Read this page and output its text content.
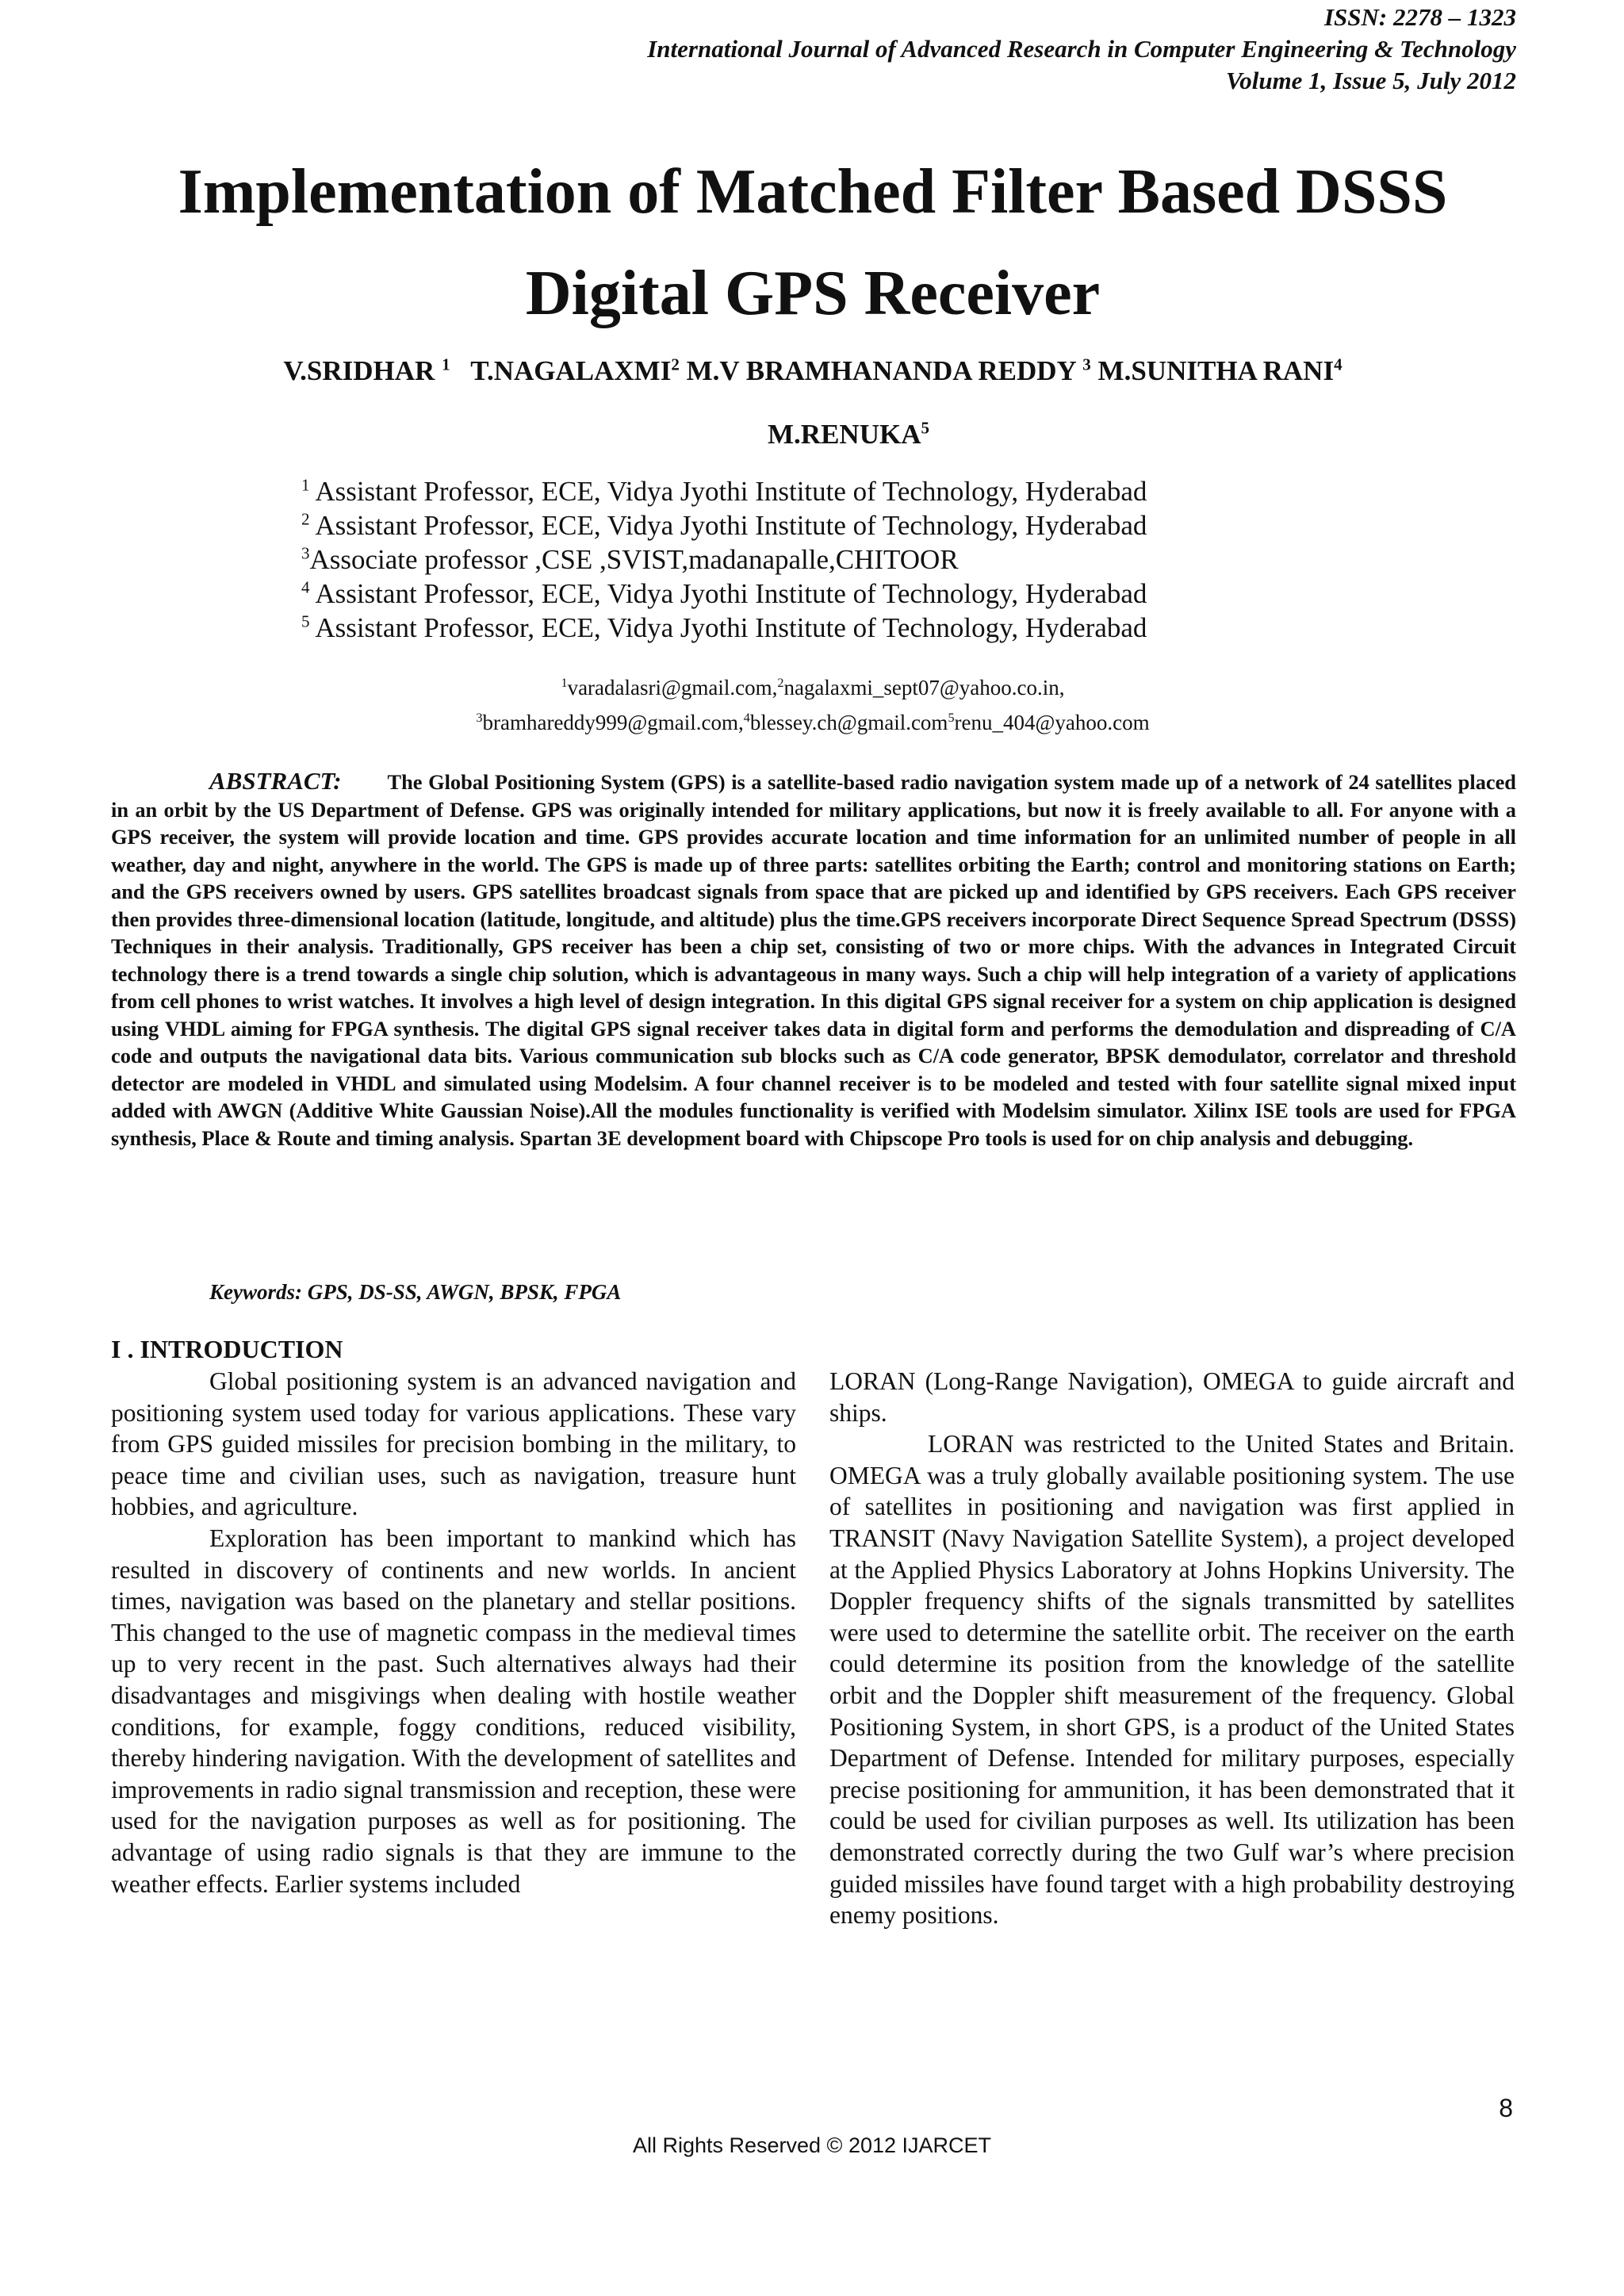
ISSN: 2278 – 1323
International Journal of Advanced Research in Computer Engineering & Technology
Volume 1, Issue 5, July 2012
Implementation of Matched Filter Based DSSS
Digital GPS Receiver
V.SRIDHAR $^1$ T.NAGALAXMI$^2$ M.V BRAMHANANDA REDDY $^3$ M.SUNITHA RANI$^4$
M.RENUKA$^5$
$^1$ Assistant Professor, ECE, Vidya Jyothi Institute of Technology, Hyderabad
$^2$ Assistant Professor, ECE, Vidya Jyothi Institute of Technology, Hyderabad
$^3$Associate professor ,CSE ,SVIST,madanapalle,CHITOOR
$^4$ Assistant Professor, ECE, Vidya Jyothi Institute of Technology, Hyderabad
$^5$ Assistant Professor, ECE, Vidya Jyothi Institute of Technology, Hyderabad
$^1$varadalasri@gmail.com,$^2$nagalaxmi_sept07@yahoo.co.in,
$^3$bramhareddy999@gmail.com,$^4$blessey.ch@gmail.com$^5$renu_404@yahoo.com
ABSTRACT: The Global Positioning System (GPS) is a satellite-based radio navigation system made up of a network of 24 satellites placed in an orbit by the US Department of Defense. GPS was originally intended for military applications, but now it is freely available to all. For anyone with a GPS receiver, the system will provide location and time. GPS provides accurate location and time information for an unlimited number of people in all weather, day and night, anywhere in the world. The GPS is made up of three parts: satellites orbiting the Earth; control and monitoring stations on Earth; and the GPS receivers owned by users. GPS satellites broadcast signals from space that are picked up and identified by GPS receivers. Each GPS receiver then provides three-dimensional location (latitude, longitude, and altitude) plus the time.GPS receivers incorporate Direct Sequence Spread Spectrum (DSSS) Techniques in their analysis. Traditionally, GPS receiver has been a chip set, consisting of two or more chips. With the advances in Integrated Circuit technology there is a trend towards a single chip solution, which is advantageous in many ways. Such a chip will help integration of a variety of applications from cell phones to wrist watches. It involves a high level of design integration. In this digital GPS signal receiver for a system on chip application is designed using VHDL aiming for FPGA synthesis. The digital GPS signal receiver takes data in digital form and performs the demodulation and dispreading of C/A code and outputs the navigational data bits. Various communication sub blocks such as C/A code generator, BPSK demodulator, correlator and threshold detector are modeled in VHDL and simulated using Modelsim. A four channel receiver is to be modeled and tested with four satellite signal mixed input added with AWGN (Additive White Gaussian Noise).All the modules functionality is verified with Modelsim simulator. Xilinx ISE tools are used for FPGA synthesis, Place & Route and timing analysis. Spartan 3E development board with Chipscope Pro tools is used for on chip analysis and debugging.
Keywords: GPS, DS-SS, AWGN, BPSK, FPGA
I . INTRODUCTION

Global positioning system is an advanced navigation and positioning system used today for various applications. These vary from GPS guided missiles for precision bombing in the military, to peace time and civilian uses, such as navigation, treasure hunt hobbies, and agriculture.

Exploration has been important to mankind which has resulted in discovery of continents and new worlds. In ancient times, navigation was based on the planetary and stellar positions. This changed to the use of magnetic compass in the medieval times up to very recent in the past. Such alternatives always had their disadvantages and misgivings when dealing with hostile weather conditions, for example, foggy conditions, reduced visibility, thereby hindering navigation. With the development of satellites and improvements in radio signal transmission and reception, these were used for the navigation purposes as well as for positioning. The advantage of using radio signals is that they are immune to the weather effects. Earlier systems included

LORAN (Long-Range Navigation), OMEGA to guide aircraft and ships.

LORAN was restricted to the United States and Britain. OMEGA was a truly globally available positioning system. The use of satellites in positioning and navigation was first applied in TRANSIT (Navy Navigation Satellite System), a project developed at the Applied Physics Laboratory at Johns Hopkins University. The Doppler frequency shifts of the signals transmitted by satellites were used to determine the satellite orbit. The receiver on the earth could determine its position from the knowledge of the satellite orbit and the Doppler shift measurement of the frequency. Global Positioning System, in short GPS, is a product of the United States Department of Defense. Intended for military purposes, especially precise positioning for ammunition, it has been demonstrated that it could be used for civilian purposes as well. Its utilization has been demonstrated correctly during the two Gulf war’s where precision guided missiles have found target with a high probability destroying enemy positions.

8
All Rights Reserved © 2012 IJARCET
